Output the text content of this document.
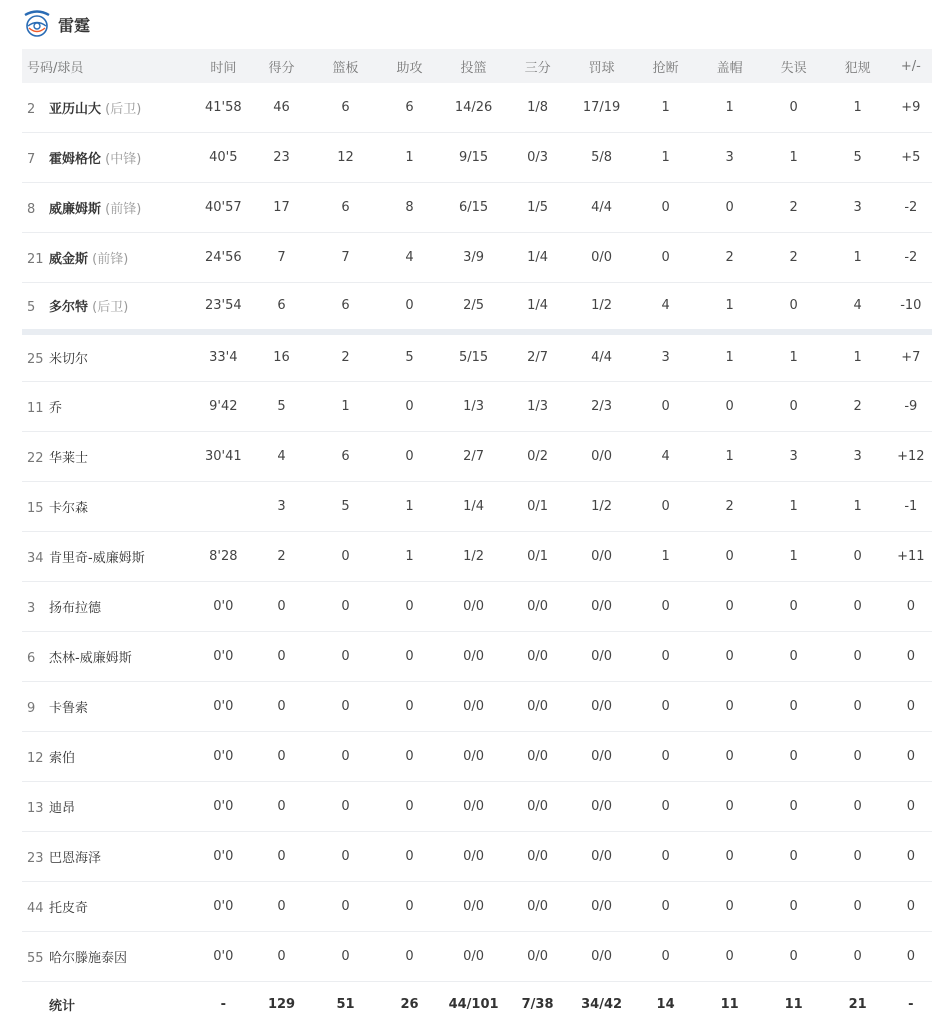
雷霆
号码/球员	时间	得分	篮板	助攻	投篮	三分	罚球	抢断	盖帽	失误	犯规	+/-
2 亚历山大 (后卫)	41'58	46	6	6	14/26	1/8	17/19	1	1	0	1	+9
7 霍姆格伦 (中锋)	40'5	23	12	1	9/15	0/3	5/8	1	3	1	5	+5
8 威廉姆斯 (前锋)	40'57	17	6	8	6/15	1/5	4/4	0	0	2	3	-2
21 威金斯 (前锋)	24'56	7	7	4	3/9	1/4	0/0	0	2	2	1	-2
5 多尔特 (后卫)	23'54	6	6	0	2/5	1/4	1/2	4	1	0	4	-10
25 米切尔	33'4	16	2	5	5/15	2/7	4/4	3	1	1	1	+7
11 乔	9'42	5	1	0	1/3	1/3	2/3	0	0	0	2	-9
22 华莱士	30'41	4	6	0	2/7	0/2	0/0	4	1	3	3	+12
15 卡尔森		3	5	1	1/4	0/1	1/2	0	2	1	1	-1
34 肯里奇-威廉姆斯	8'28	2	0	1	1/2	0/1	0/0	1	0	1	0	+11
3 扬布拉德	0'0	0	0	0	0/0	0/0	0/0	0	0	0	0	0
6 杰林-威廉姆斯	0'0	0	0	0	0/0	0/0	0/0	0	0	0	0	0
9 卡鲁索	0'0	0	0	0	0/0	0/0	0/0	0	0	0	0	0
12 索伯	0'0	0	0	0	0/0	0/0	0/0	0	0	0	0	0
13 迪昂	0'0	0	0	0	0/0	0/0	0/0	0	0	0	0	0
23 巴恩海泽	0'0	0	0	0	0/0	0/0	0/0	0	0	0	0	0
44 托皮奇	0'0	0	0	0	0/0	0/0	0/0	0	0	0	0	0
55 哈尔滕施泰因	0'0	0	0	0	0/0	0/0	0/0	0	0	0	0	0
统计	-	129	51	26	44/101	7/38	34/42	14	11	11	21	-
